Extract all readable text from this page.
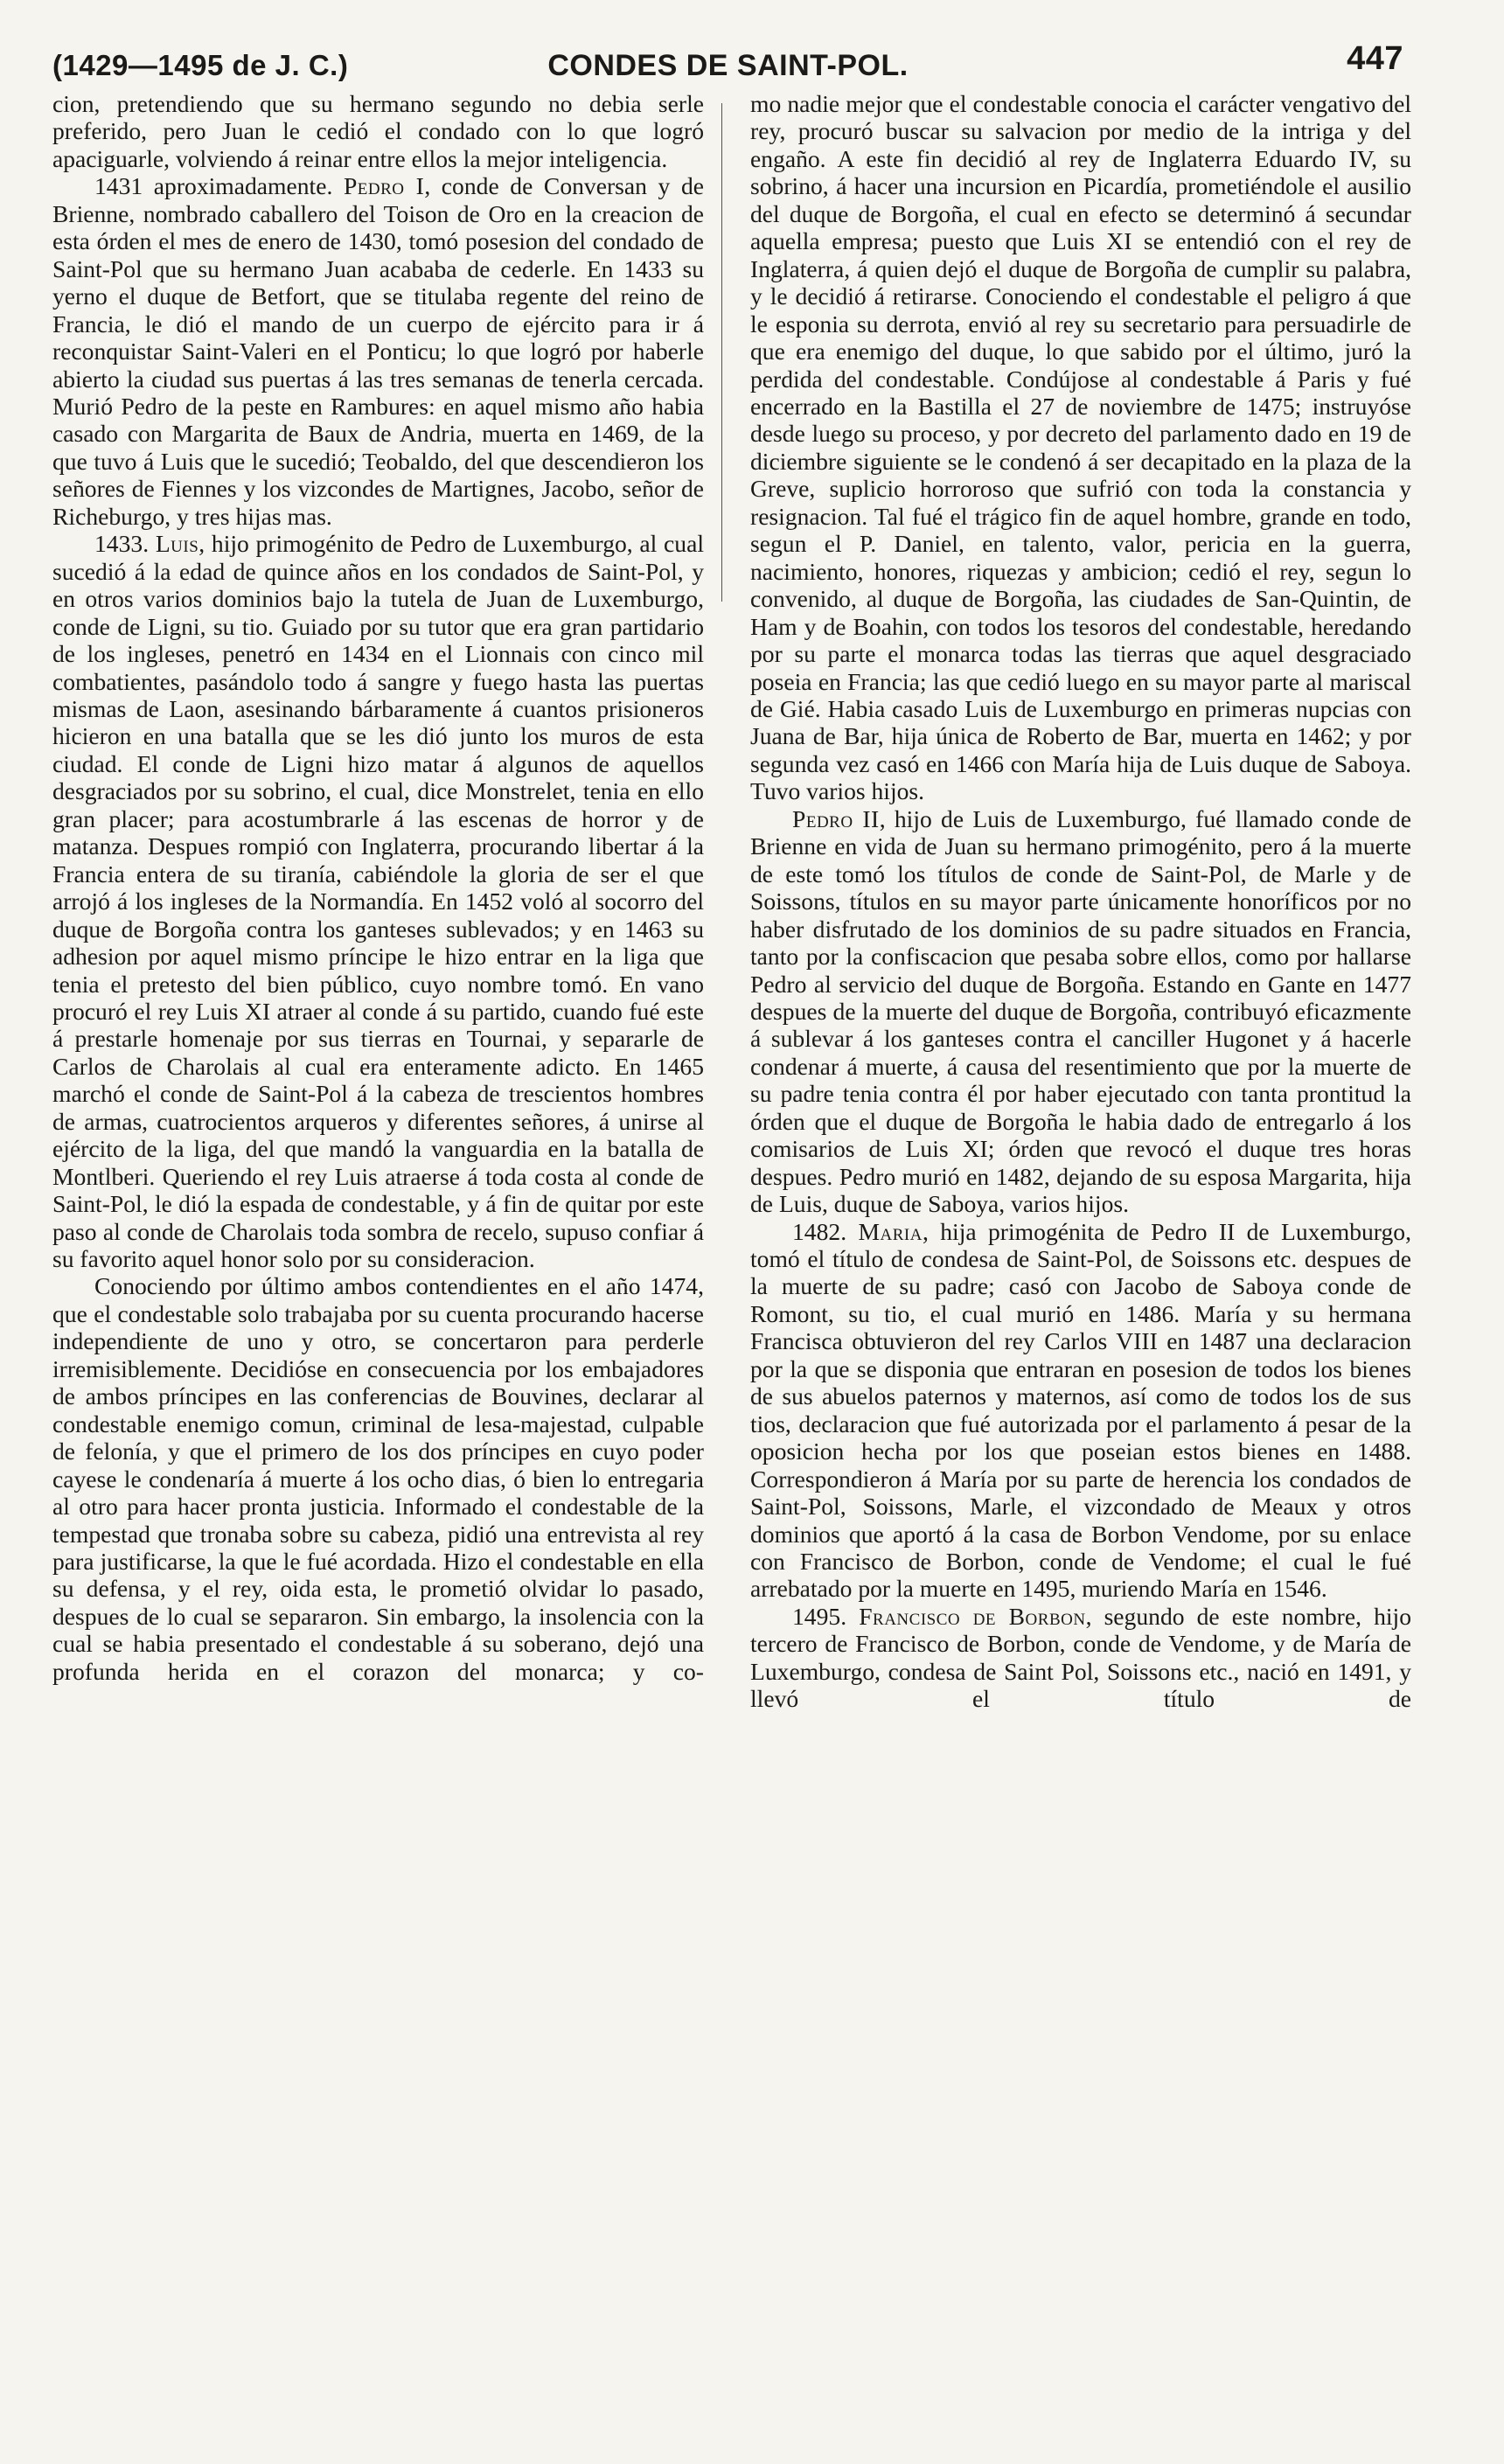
(1429—1495 de J. C.)	CONDES DE SAINT-POL.	447

cion, pretendiendo que su hermano segundo no debia serle preferido, pero Juan le cedió el condado con lo que logró apaciguarle, volviendo á reinar entre ellos la mejor inteligencia.

1431 aproximadamente. Pedro I, conde de Conversan y de Brienne, nombrado caballero del Toison de Oro en la creacion de esta órden el mes de enero de 1430, tomó posesion del condado de Saint-Pol que su hermano Juan acababa de cederle. En 1433 su yerno el duque de Betfort, que se titulaba regente del reino de Francia, le dió el mando de un cuerpo de ejército para ir á reconquistar Saint-Valeri en el Ponticu; lo que logró por haberle abierto la ciudad sus puertas á las tres semanas de tenerla cercada. Murió Pedro de la peste en Rambures: en aquel mismo año habia casado con Margarita de Baux de Andria, muerta en 1469, de la que tuvo á Luis que le sucedió; Teobaldo, del que descendieron los señores de Fiennes y los vizcondes de Martignes, Jacobo, señor de Richeburgo, y tres hijas mas.

1433. Luis, hijo primogénito de Pedro de Luxemburgo, al cual sucedió á la edad de quince años en los condados de Saint-Pol, y en otros varios dominios bajo la tutela de Juan de Luxemburgo, conde de Ligni, su tio. Guiado por su tutor que era gran partidario de los ingleses, penetró en 1434 en el Lionnais con cinco mil combatientes, pasándolo todo á sangre y fuego hasta las puertas mismas de Laon, asesinando bárbaramente á cuantos prisioneros hicieron en una batalla que se les dió junto los muros de esta ciudad. El conde de Ligni hizo matar á algunos de aquellos desgraciados por su sobrino, el cual, dice Monstrelet, tenia en ello gran placer; para acostumbrarle á las escenas de horror y de matanza. Despues rompió con Inglaterra, procurando libertar á la Francia entera de su tiranía, cabiéndole la gloria de ser el que arrojó á los ingleses de la Normandía. En 1452 voló al socorro del duque de Borgoña contra los ganteses sublevados; y en 1463 su adhesion por aquel mismo príncipe le hizo entrar en la liga que tenia el pretesto del bien público, cuyo nombre tomó. En vano procuró el rey Luis XI atraer al conde á su partido, cuando fué este á prestarle homenaje por sus tierras en Tournai, y separarle de Carlos de Charolais al cual era enteramente adicto. En 1465 marchó el conde de Saint-Pol á la cabeza de trescientos hombres de armas, cuatrocientos arqueros y diferentes señores, á unirse al ejército de la liga, del que mandó la vanguardia en la batalla de Montlberi. Queriendo el rey Luis atraerse á toda costa al conde de Saint-Pol, le dió la espada de condestable, y á fin de quitar por este paso al conde de Charolais toda sombra de recelo, supuso confiar á su favorito aquel honor solo por su consideracion.

Conociendo por último ambos contendientes en el año 1474, que el condestable solo trabajaba por su cuenta procurando hacerse independiente de uno y otro, se concertaron para perderle irremisiblemente. Decidióse en consecuencia por los embajadores de ambos príncipes en las conferencias de Bouvines, declarar al condestable enemigo comun, criminal de lesa-majestad, culpable de felonía, y que el primero de los dos príncipes en cuyo poder cayese le condenaría á muerte á los ocho dias, ó bien lo entregaria al otro para hacer pronta justicia. Informado el condestable de la tempestad que tronaba sobre su cabeza, pidió una entrevista al rey para justificarse, la que le fué acordada. Hizo el condestable en ella su defensa, y el rey, oida esta, le prometió olvidar lo pasado, despues de lo cual se separaron. Sin embargo, la insolencia con la cual se habia presentado el condestable á su soberano, dejó una profunda herida en el corazon del monarca; y co-

mo nadie mejor que el condestable conocia el carácter vengativo del rey, procuró buscar su salvacion por medio de la intriga y del engaño. A este fin decidió al rey de Inglaterra Eduardo IV, su sobrino, á hacer una incursion en Picardía, prometiéndole el ausilio del duque de Borgoña, el cual en efecto se determinó á secundar aquella empresa; puesto que Luis XI se entendió con el rey de Inglaterra, á quien dejó el duque de Borgoña de cumplir su palabra, y le decidió á retirarse. Conociendo el condestable el peligro á que le esponia su derrota, envió al rey su secretario para persuadirle de que era enemigo del duque, lo que sabido por el último, juró la perdida del condestable. Condújose al condestable á Paris y fué encerrado en la Bastilla el 27 de noviembre de 1475; instruyóse desde luego su proceso, y por decreto del parlamento dado en 19 de diciembre siguiente se le condenó á ser decapitado en la plaza de la Greve, suplicio horroroso que sufrió con toda la constancia y resignacion. Tal fué el trágico fin de aquel hombre, grande en todo, segun el P. Daniel, en talento, valor, pericia en la guerra, nacimiento, honores, riquezas y ambicion; cedió el rey, segun lo convenido, al duque de Borgoña, las ciudades de San-Quintin, de Ham y de Boahin, con todos los tesoros del condestable, heredando por su parte el monarca todas las tierras que aquel desgraciado poseia en Francia; las que cedió luego en su mayor parte al mariscal de Gié. Habia casado Luis de Luxemburgo en primeras nupcias con Juana de Bar, hija única de Roberto de Bar, muerta en 1462; y por segunda vez casó en 1466 con María hija de Luis duque de Saboya. Tuvo varios hijos.

Pedro II, hijo de Luis de Luxemburgo, fué llamado conde de Brienne en vida de Juan su hermano primogénito, pero á la muerte de este tomó los títulos de conde de Saint-Pol, de Marle y de Soissons, títulos en su mayor parte únicamente honoríficos por no haber disfrutado de los dominios de su padre situados en Francia, tanto por la confiscacion que pesaba sobre ellos, como por hallarse Pedro al servicio del duque de Borgoña. Estando en Gante en 1477 despues de la muerte del duque de Borgoña, contribuyó eficazmente á sublevar á los ganteses contra el canciller Hugonet y á hacerle condenar á muerte, á causa del resentimiento que por la muerte de su padre tenia contra él por haber ejecutado con tanta prontitud la órden que el duque de Borgoña le habia dado de entregarlo á los comisarios de Luis XI; órden que revocó el duque tres horas despues. Pedro murió en 1482, dejando de su esposa Margarita, hija de Luis, duque de Saboya, varios hijos.

1482. Maria, hija primogénita de Pedro II de Luxemburgo, tomó el título de condesa de Saint-Pol, de Soissons etc. despues de la muerte de su padre; casó con Jacobo de Saboya conde de Romont, su tio, el cual murió en 1486. María y su hermana Francisca obtuvieron del rey Carlos VIII en 1487 una declaracion por la que se disponia que entraran en posesion de todos los bienes de sus abuelos paternos y maternos, así como de todos los de sus tios, declaracion que fué autorizada por el parlamento á pesar de la oposicion hecha por los que poseian estos bienes en 1488. Correspondieron á María por su parte de herencia los condados de Saint-Pol, Soissons, Marle, el vizcondado de Meaux y otros dominios que aportó á la casa de Borbon Vendome, por su enlace con Francisco de Borbon, conde de Vendome; el cual le fué arrebatado por la muerte en 1495, muriendo María en 1546.

1495. Francisco de Borbon, segundo de este nombre, hijo tercero de Francisco de Borbon, conde de Vendome, y de María de Luxemburgo, condesa de Saint Pol, Soissons etc., nació en 1491, y llevó el título de
